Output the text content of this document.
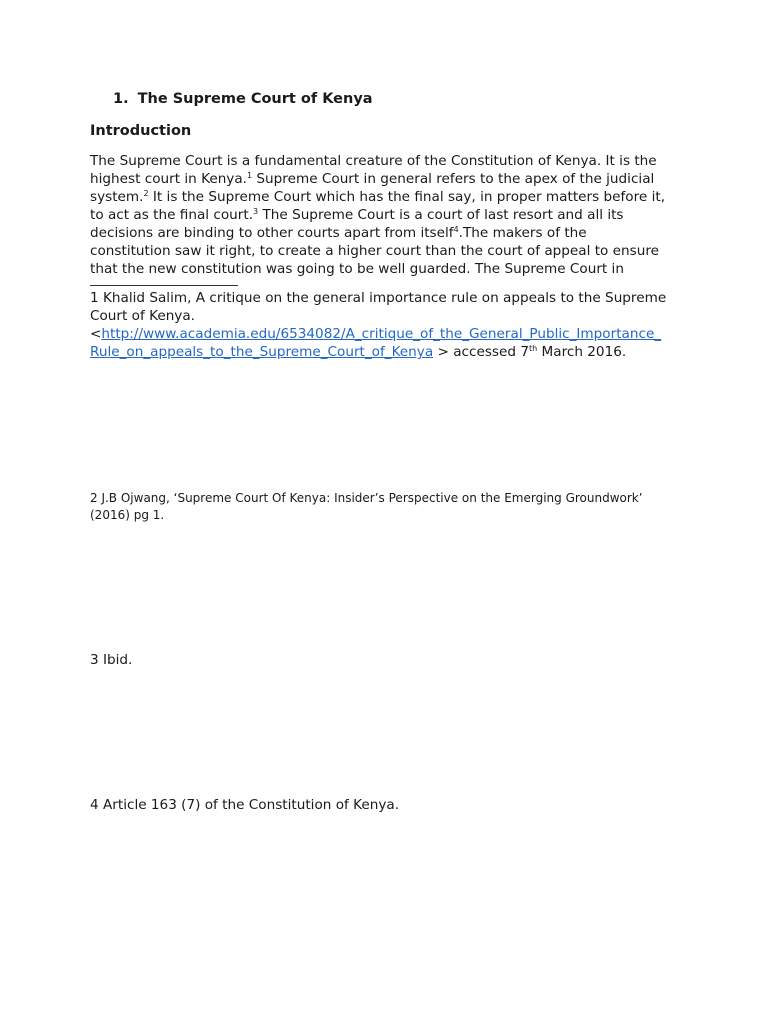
1. The Supreme Court of Kenya
Introduction
The Supreme Court is a fundamental creature of the Constitution of Kenya. It is the
highest court in Kenya.$^1$ Supreme Court in general refers to the apex of the judicial
system.$^2$ It is the Supreme Court which has the final say, in proper matters before it,
to act as the final court.$^3$ The Supreme Court is a court of last resort and all its
decisions are binding to other courts apart from itself$^4$.The makers of the
constitution saw it right, to create a higher court than the court of appeal to ensure
that the new constitution was going to be well guarded. The Supreme Court in
1 Khalid Salim, A critique on the general importance rule on appeals to the Supreme
Court of Kenya.
<http://www.academia.edu/6534082/A_critique_of_the_General_Public_Importance_
Rule_on_appeals_to_the_Supreme_Court_of_Kenya > accessed 7th March 2016.
2 J.B Ojwang, ‘Supreme Court Of Kenya: Insider’s Perspective on the Emerging Groundwork’
(2016) pg 1.
3 Ibid.
4 Article 163 (7) of the Constitution of Kenya.
